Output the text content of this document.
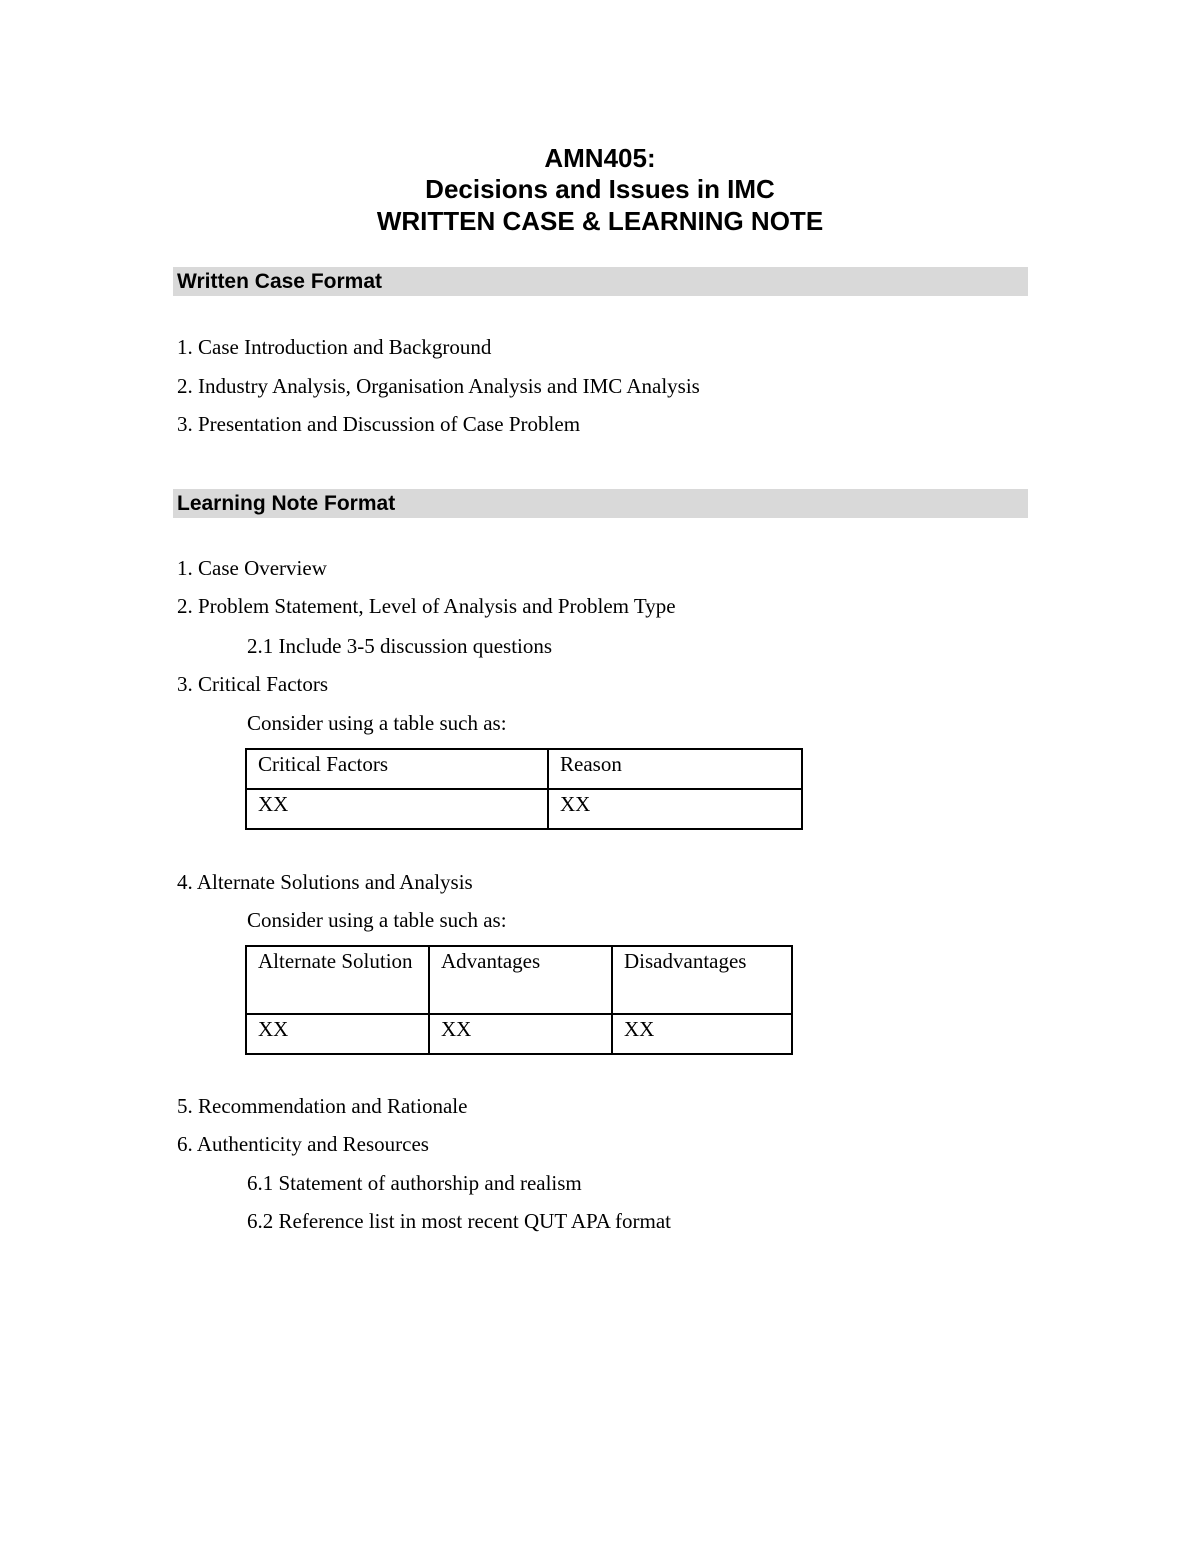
AMN405:
Decisions and Issues in IMC
WRITTEN CASE & LEARNING NOTE
Written Case Format
1. Case Introduction and Background
2. Industry Analysis, Organisation Analysis and IMC Analysis
3. Presentation and Discussion of Case Problem
Learning Note Format
1. Case Overview
2. Problem Statement, Level of Analysis and Problem Type
2.1 Include 3-5 discussion questions
3. Critical Factors
Consider using a table such as:
Critical Factors	Reason
XX	XX
4. Alternate Solutions and Analysis
Consider using a table such as:
Alternate Solution	Advantages	Disadvantages
XX	XX	XX
5. Recommendation and Rationale
6. Authenticity and Resources
6.1 Statement of authorship and realism
6.2 Reference list in most recent QUT APA format
